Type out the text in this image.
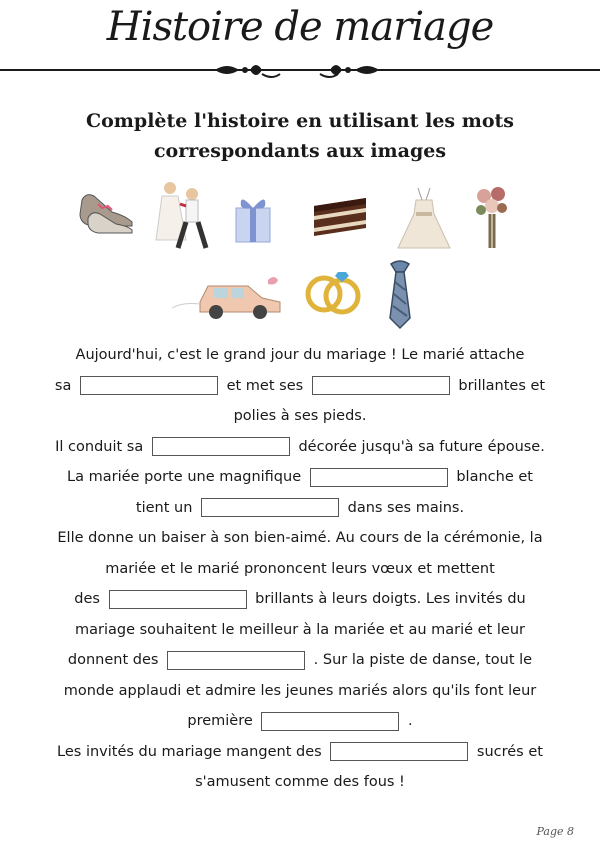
Histoire de mariage
Complète l'histoire en utilisant les mots
correspondants aux images
Aujourd'hui, c'est le grand jour du mariage ! Le marié attache
sa	et met ses	brillantes et
polies à ses pieds.
Il conduit sa	décorée jusqu'à sa future épouse.
La mariée porte une magnifique	blanche et
tient un	dans ses mains.
Elle donne un baiser à son bien-aimé. Au cours de la cérémonie, la
mariée et le marié prononcent leurs vœux et mettent
des	brillants à leurs doigts. Les invités du
mariage souhaitent le meilleur à la mariée et au marié et leur
donnent des	. Sur la piste de danse, tout le
monde applaudi et admire les jeunes mariés alors qu'ils font leur
première	.
Les invités du mariage mangent des	sucrés et
s'amusent comme des fous !
Page 8
